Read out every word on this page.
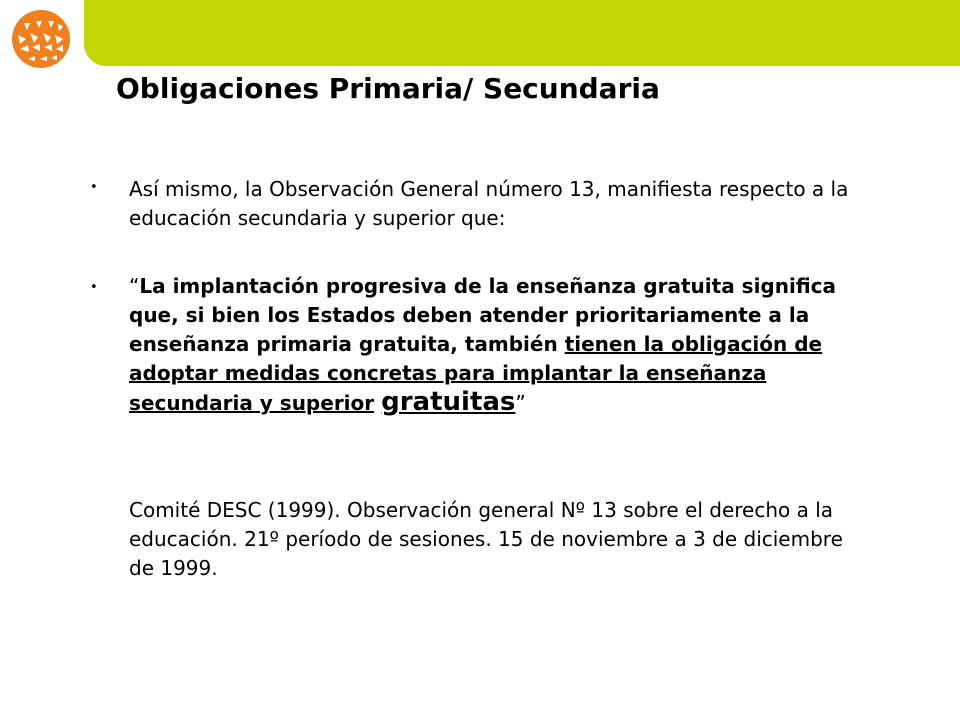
Obligaciones Primaria/ Secundaria
• Así mismo, la Observación General número 13, manifiesta respecto a la educación secundaria y superior que:
• “La implantación progresiva de la enseñanza gratuita significa que, si bien los Estados deben atender prioritariamente a la enseñanza primaria gratuita, también tienen la obligación de adoptar medidas concretas para implantar la enseñanza secundaria y superior gratuitas”
Comité DESC (1999). Observación general Nº 13 sobre el derecho a la educación. 21º período de sesiones. 15 de noviembre a 3 de diciembre de 1999.
